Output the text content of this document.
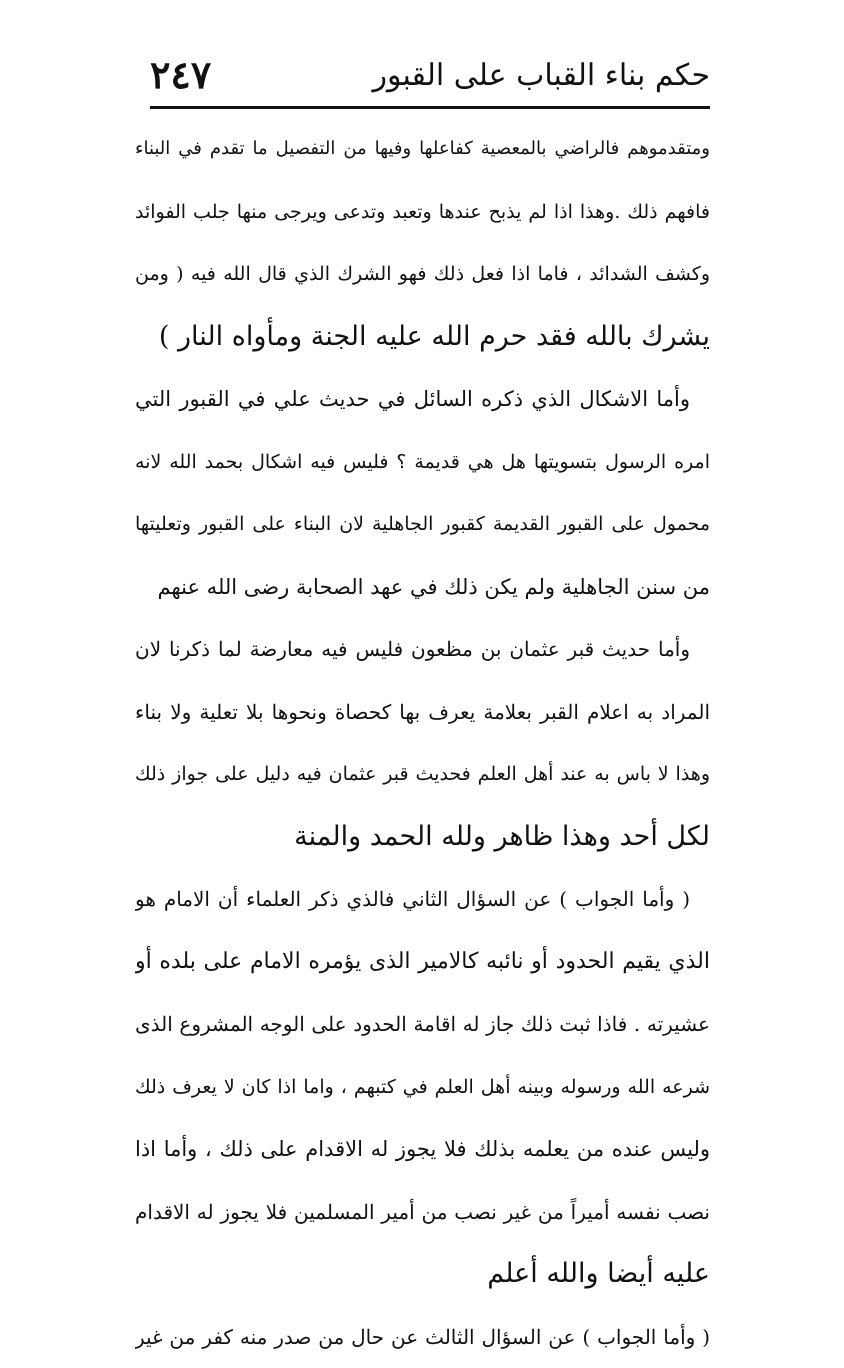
حكم بناء القباب على القبور
٢٤٧
ومتقدموهم فالراضي بالمعصية كفاعلها وفيها من التفصيل ما تقدم في البناء
فافهم ذلك .وهذا اذا لم يذبح عندها وتعبد وتدعى ويرجى منها جلب الفوائد
وكشف الشدائد ، فاما اذا فعل ذلك فهو الشرك الذي قال الله فيه ( ومن
يشرك بالله فقد حرم الله عليه الجنة ومأواه النار )
وأما الاشكال الذي ذكره السائل في حديث علي في القبور التي
امره الرسول بتسويتها هل هي قديمة ؟ فليس فيه اشكال بحمد الله لانه
محمول على القبور القديمة كقبور الجاهلية لان البناء على القبور وتعليتها
من سنن الجاهلية ولم يكن ذلك في عهد الصحابة رضى الله عنهم
وأما حديث قبر عثمان بن مظعون فليس فيه معارضة لما ذكرنا لان
المراد به اعلام القبر بعلامة يعرف بها كحصاة ونحوها بلا تعلية ولا بناء
وهذا لا باس به عند أهل العلم فحديث قبر عثمان فيه دليل على جواز ذلك
لكل أحد وهذا ظاهر ولله الحمد والمنة
( وأما الجواب ) عن السؤال الثاني فالذي ذكر العلماء أن الامام هو
الذي يقيم الحدود أو نائبه كالامير الذى يؤمره الامام على بلده أو
عشيرته . فاذا ثبت ذلك جاز له اقامة الحدود على الوجه المشروع الذى
شرعه الله ورسوله وبينه أهل العلم في كتبهم ، واما اذا كان لا يعرف ذلك
وليس عنده من يعلمه بذلك فلا يجوز له الاقدام على ذلك ، وأما اذا
نصب نفسه أميراً من غير نصب من أمير المسلمين فلا يجوز له الاقدام
عليه أيضا والله أعلم
( وأما الجواب ) عن السؤال الثالث عن حال من صدر منه كفر من غير
